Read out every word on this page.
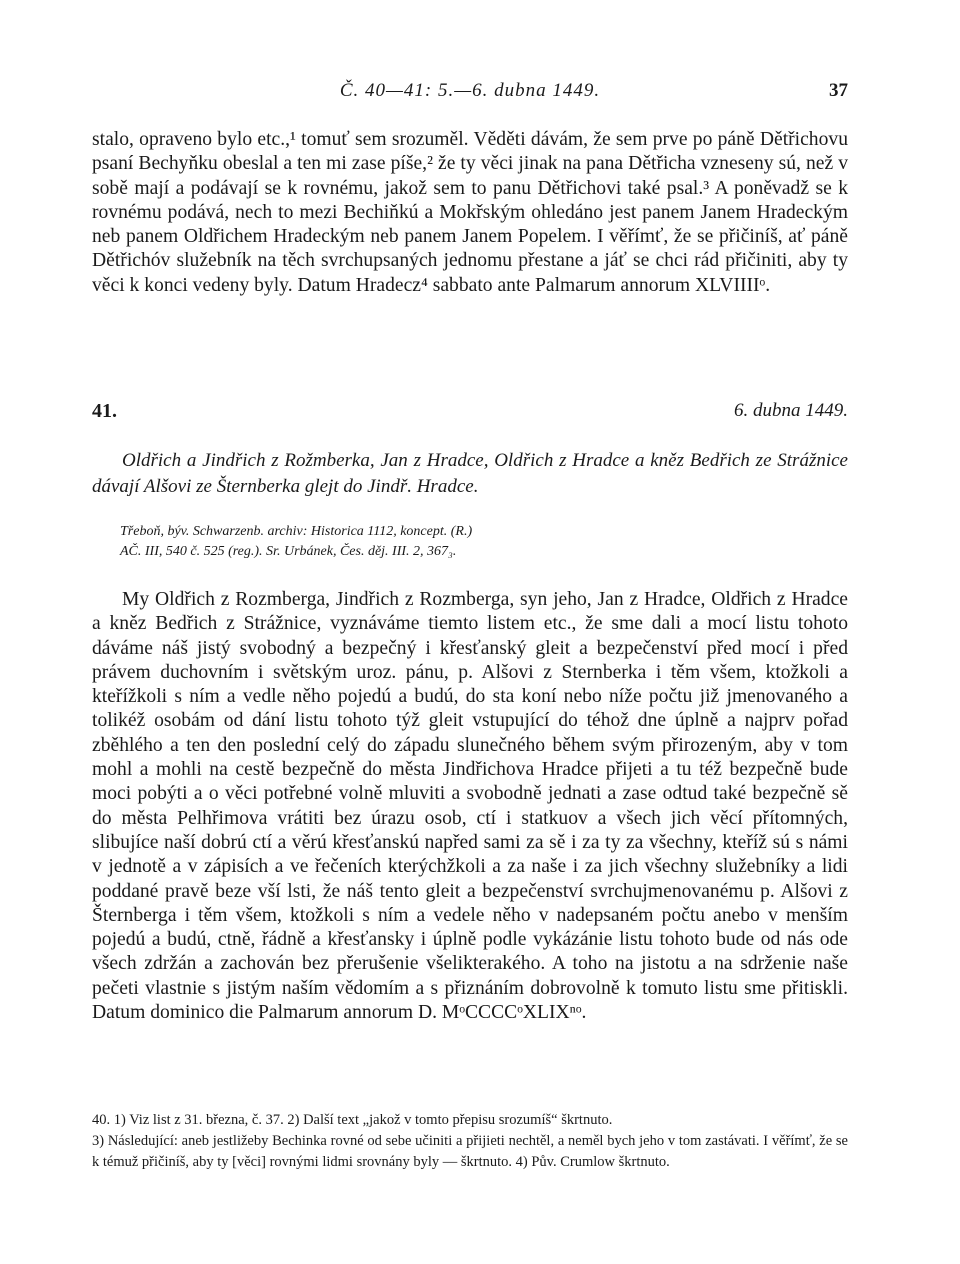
Č. 40—41: 5.—6. dubna 1449.	37

stalo, opraveno bylo etc.,¹ tomuť sem srozuměl. Věděti dávám, že sem prve po páně Dětřichovu psaní Bechyňku obeslal a ten mi zase píše,² že ty věci jinak na pana Dětřicha vzneseny sú, než v sobě mají a podávají se k rovnému, jakož sem to panu Dětřichovi také psal.³ A poněvadž se k rovnému podává, nech to mezi Bechiňkú a Mokřským ohledáno jest panem Janem Hradeckým neb panem Oldřichem Hradeckým neb panem Janem Popelem. I věřímť, že se přičiníš, ať páně Dětřichóv služebník na těch svrchupsaných jednomu přestane a jáť se chci rád přičiniti, aby ty věci k konci vedeny byly. Datum Hradecz⁴ sabbato ante Palmarum annorum XLVIIIIᵒ.

41.	6. dubna 1449.

Oldřich a Jindřich z Rožmberka, Jan z Hradce, Oldřich z Hradce a kněz Bedřich ze Strážnice dávají Alšovi ze Šternberka glejt do Jindř. Hradce.

Třeboň, býv. Schwarzenb. archiv: Historica 1112, koncept. (R.)

AČ. III, 540 č. 525 (reg.). Sr. Urbánek, Čes. děj. III. 2, 367₃.

My Oldřich z Rozmberga, Jindřich z Rozmberga, syn jeho, Jan z Hradce, Oldřich z Hradce a kněz Bedřich z Strážnice, vyznáváme tiemto listem etc., že sme dali a mocí listu tohoto dáváme náš jistý svobodný a bezpečný i křesťanský gleit a bezpečenství před mocí i před právem duchovním i světským uroz. pánu, p. Alšovi z Sternberka i těm všem, ktožkoli a kteřížkoli s ním a vedle něho pojedú a budú, do sta koní nebo níže počtu již jmenovaného a tolikéž osobám od dání listu tohoto týž gleit vstupující do téhož dne úplně a najprv pořad zběhlého a ten den poslední celý do západu slunečného během svým přirozeným, aby v tom mohl a mohli na cestě bezpečně do města Jindřichova Hradce přijeti a tu též bezpečně bude moci pobýti a o věci potřebné volně mluviti a svobodně jednati a zase odtud také bezpečně sě do města Pelhřimova vrátiti bez úrazu osob, ctí i statkuov a všech jich věcí přítomných, slibujíce naší dobrú ctí a věrú křesťanskú napřed sami za sě i za ty za všechny, kteříž sú s námi v jednotě a v zápisích a ve řečeních kterýchžkoli a za naše i za jich všechny služebníky a lidi poddané pravě beze vší lsti, že náš tento gleit a bezpečenství svrchujmenovanému p. Alšovi z Šternberga i těm všem, ktožkoli s ním a vedele něho v nadepsaném počtu anebo v menším pojedú a budú, ctně, řádně a křesťansky i úplně podle vykázánie listu tohoto bude od nás ode všech zdržán a zachován bez přerušenie všelikterakého. A toho na jistotu a na sdrženie naše pečeti vlastnie s jistým naším vědomím a s přiznáním dobrovolně k tomuto listu sme přitiskli. Datum dominico die Palmarum annorum D. MᵒCCCCᵒXLIXⁿᵒ.

40. 1) Viz list z 31. března, č. 37. 2) Další text „jakož v tomto přepisu srozumíš“ škrtnuto.

3) Následující: aneb jestližeby Bechinka rovné od sebe učiniti a přijieti nechtěl, a neměl bych jeho v tom zastávati. I věřímť, že se k témuž přičiníš, aby ty [věci] rovnými lidmi srovnány byly — škrtnuto. 4) Pův. Crumlow škrtnuto.
